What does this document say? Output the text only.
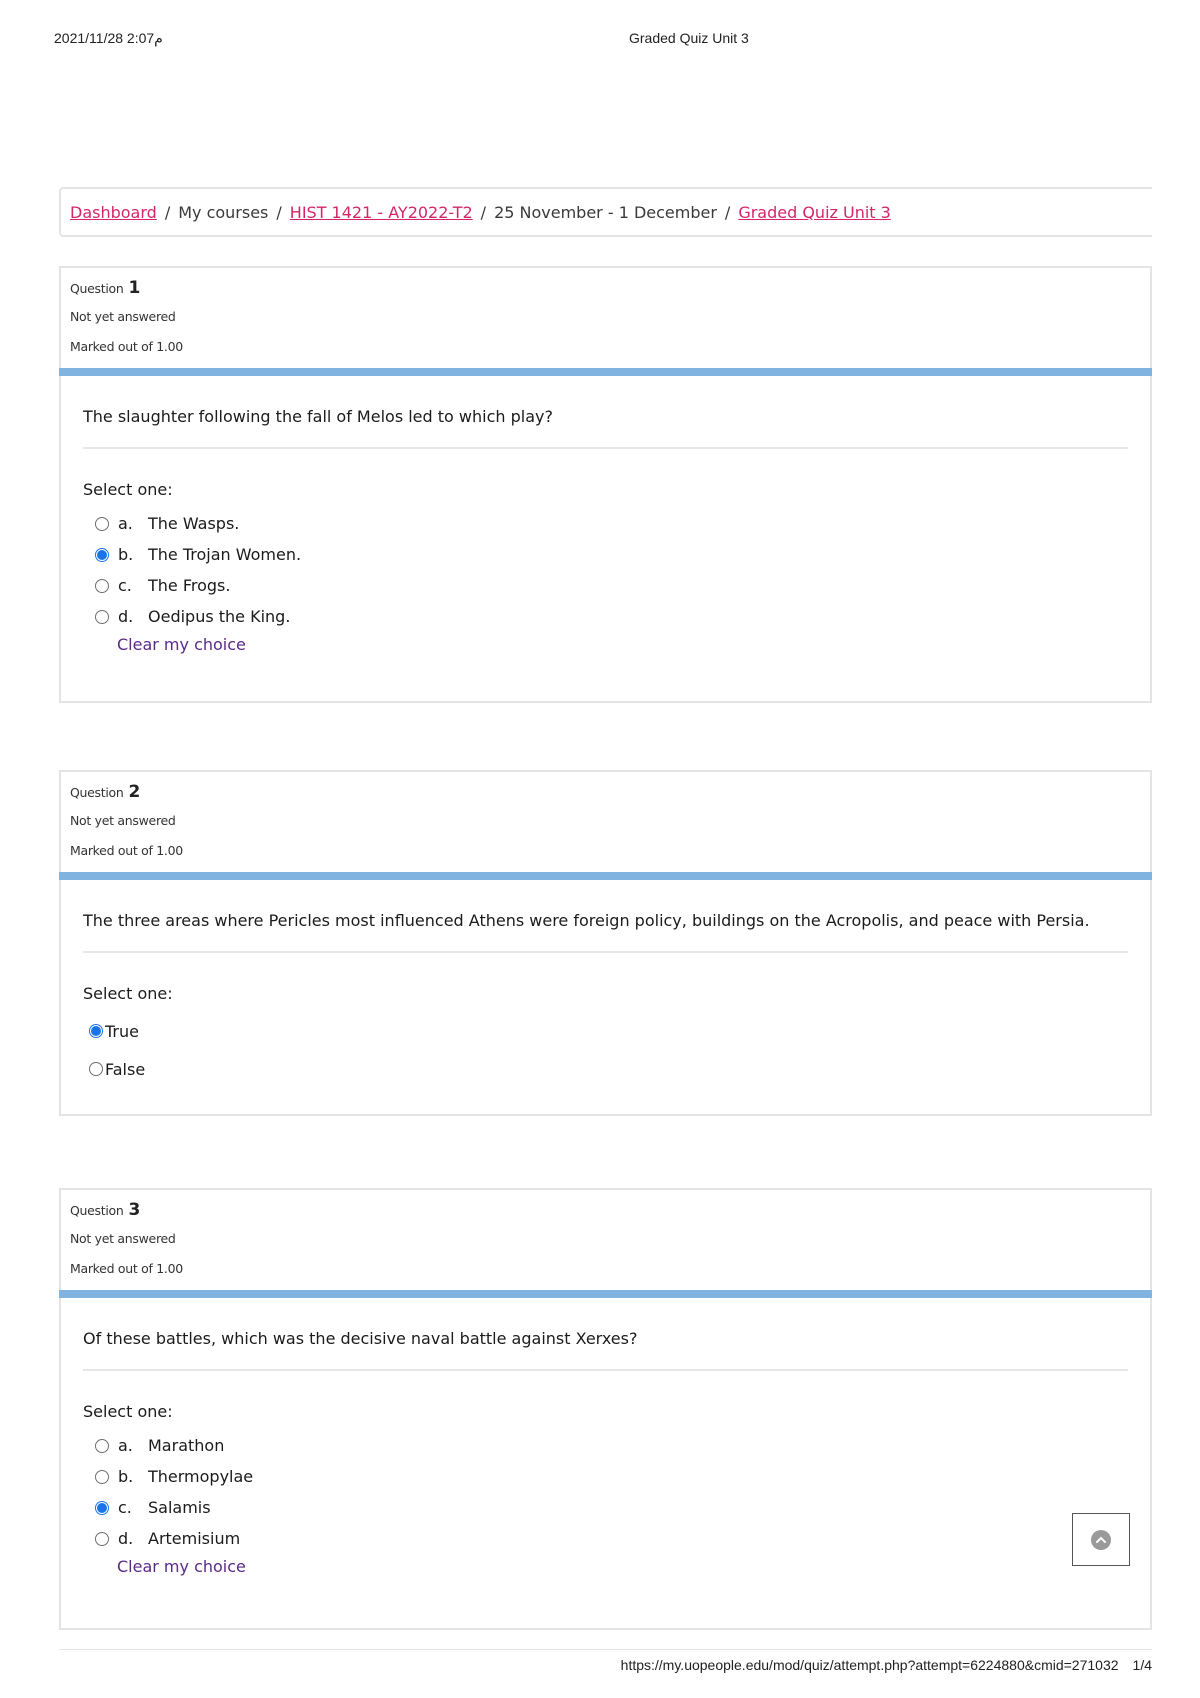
م2:07 2021/11/28	Graded Quiz Unit 3
Dashboard / My courses / HIST 1421 - AY2022-T2 / 25 November - 1 December / Graded Quiz Unit 3
Question 1
Not yet answered
Marked out of 1.00
The slaughter following the fall of Melos led to which play?
Select one:
a. The Wasps.
b. The Trojan Women.
c.	The Frogs.
d. Oedipus the King.
Clear my choice
Question 2
Not yet answered
Marked out of 1.00
The three areas where Pericles most influenced Athens were foreign policy, buildings on the Acropolis, and peace with Persia.
Select one:
True
False
Question 3
Not yet answered
Marked out of 1.00
Of these battles, which was the decisive naval battle against Xerxes?
Select one:
a. Marathon
b. Thermopylae
c.	Salamis
d. Artemisium
Clear my choice
https://my.uopeople.edu/mod/quiz/attempt.php?attempt=6224880&cmid=271032 1/4
